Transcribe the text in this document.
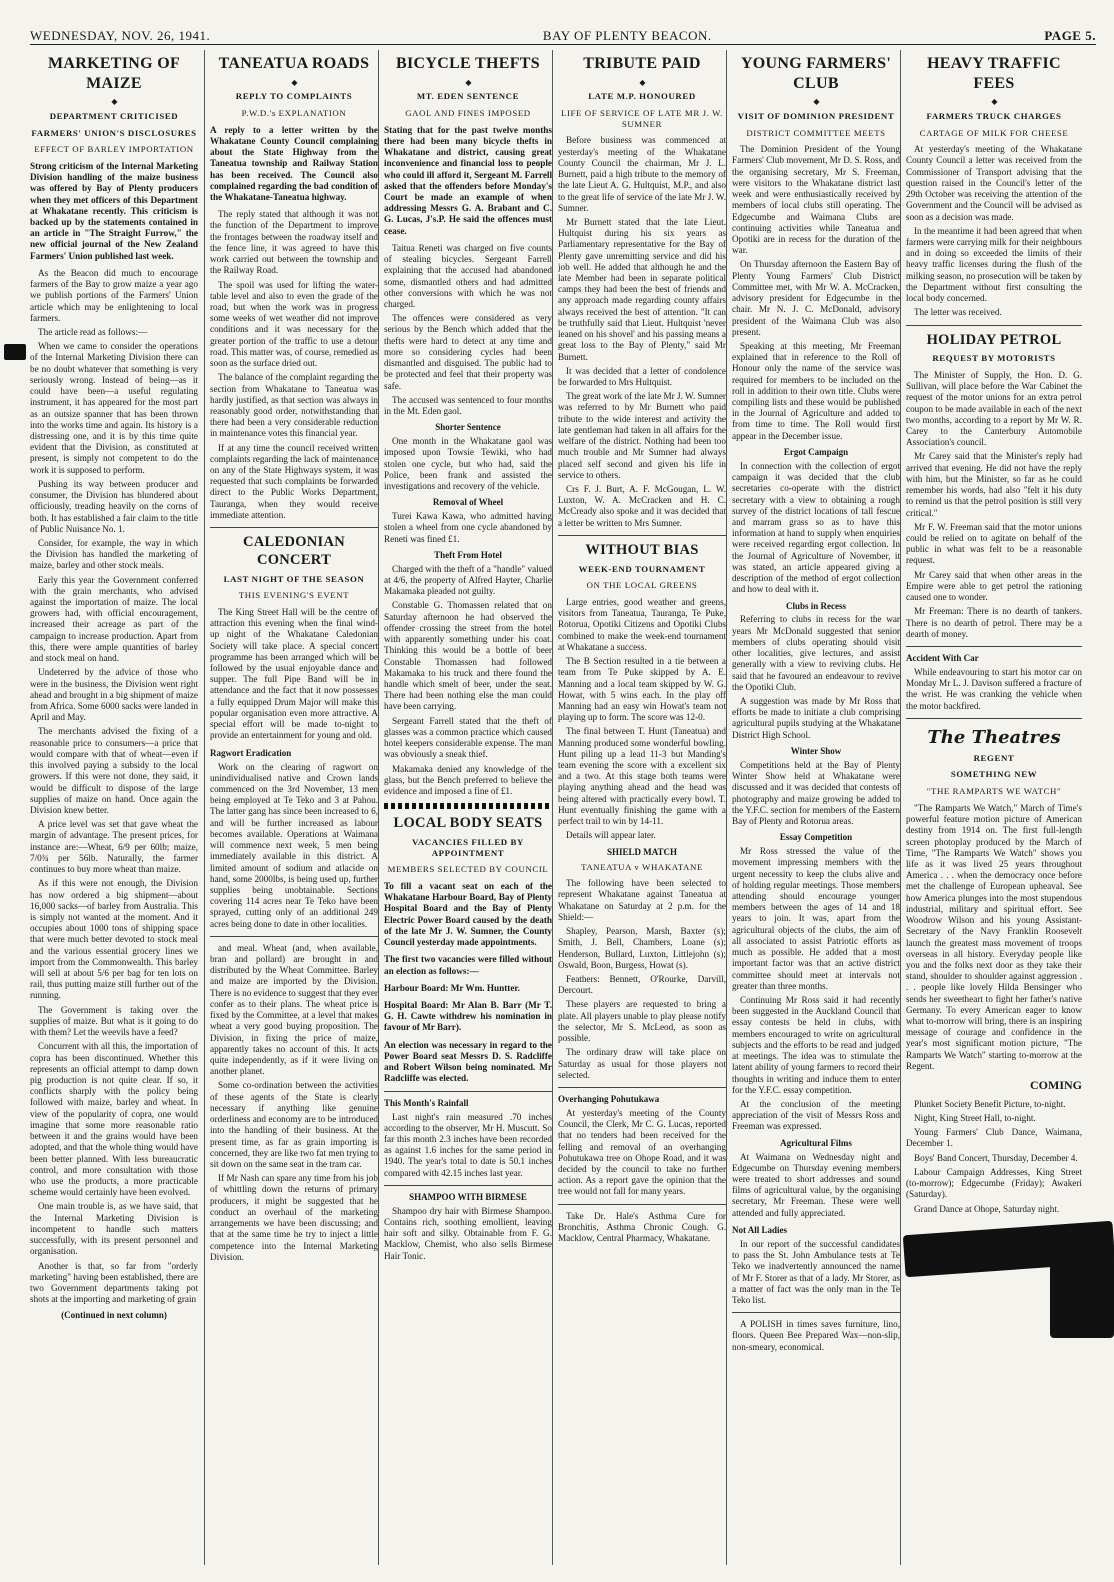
WEDNESDAY, NOV. 26, 1941.	BAY OF PLENTY BEACON.	PAGE 5.
MARKETING OF MAIZE
◆
DEPARTMENT CRITICISED
FARMERS' UNION'S DISCLOSURES
EFFECT OF BARLEY IMPORTATION
Strong criticism of the Internal Marketing Division handling of the maize business was offered by Bay of Plenty producers when they met officers of this Department at Whakatane recently. This criticism is backed up by the statements contained in an article in "The Straight Furrow," the new official journal of the New Zealand Farmers' Union published last week.

As the Beacon did much to encourage farmers of the Bay to grow maize a year ago we publish portions of the Farmers' Union article which may be enlightening to local farmers.

The article read as follows:—

When we came to consider the operations of the Internal Marketing Division there can be no doubt whatever that something is very seriously wrong. Instead of being—as it could have been—a useful regulating instrument, it has appeared for the most part as an outsize spanner that has been thrown into the works time and again. Its history is a distressing one, and it is by this time quite evident that the Division, as constituted at present, is simply not competent to do the work it is supposed to perform.

Pushing its way between producer and consumer, the Division has blundered about officiously, treading heavily on the corns of both. It has established a fair claim to the title of Public Nuisance No. 1.

Consider, for example, the way in which the Division has handled the marketing of maize, barley and other stock meals.

Early this year the Government conferred with the grain merchants, who advised against the importation of maize. The local growers had, with official encouragement, increased their acreage as part of the campaign to increase production. Apart from this, there were ample quantities of barley and stock meal on hand.

Undeterred by the advice of those who were in the business, the Division went right ahead and brought in a big shipment of maize from Africa. Some 6000 sacks were landed in April and May.

The merchants advised the fixing of a reasonable price to consumers—a price that would compare with that of wheat—even if this involved paying a subsidy to the local growers. If this were not done, they said, it would be difficult to dispose of the large supplies of maize on hand. Once again the Division knew better.

A price level was set that gave wheat the margin of advantage. The present prices, for instance are:—Wheat, 6/9 per 60lb; maize, 7/0¾ per 56lb. Naturally, the farmer continues to buy more wheat than maize.

As if this were not enough, the Division has now ordered a big shipment—about 16,000 sacks—of barley from Australia. This is simply not wanted at the moment. And it occupies about 1000 tons of shipping space that were much better devoted to stock meal and the various essential grocery lines we import from the Commonwealth. This barley will sell at about 5/6 per bag for ten lots on rail, thus putting maize still further out of the running.

The Government is taking over the supplies of maize. But what is it going to do with them? Let the weevils have a feed?

Concurrent with all this, the importation of copra has been discontinued. Whether this represents an official attempt to damp down pig production is not quite clear. If so, it conflicts sharply with the policy being followed with maize, barley and wheat. In view of the popularity of copra, one would imagine that some more reasonable ratio between it and the grains would have been adopted, and that the whole thing would have been better planned. With less bureaucratic control, and more consultation with those who use the products, a more practicable scheme would certainly have been evolved.

One main trouble is, as we have said, that the Internal Marketing Division is incompetent to handle such matters successfully, with its present personnel and organisation.

Another is that, so far from "orderly marketing" having been established, there are two Government departments taking pot shots at the importing and marketing of grain

(Continued in next column)
TANEATUA ROADS
◆
REPLY TO COMPLAINTS
P.W.D.'s EXPLANATION
A reply to a letter written by the Whakatane County Council complaining about the State Highway from the Taneatua township and Railway Station has been received. The Council also complained regarding the bad condition of the Whakatane-Taneatua highway.

The reply stated that although it was not the function of the Department to improve the frontages between the roadway itself and the fence line, it was agreed to have this work carried out between the township and the Railway Road.

The spoil was used for lifting the water-table level and also to even the grade of the road, but when the work was in progress some weeks of wet weather did not improve conditions and it was necessary for the greater portion of the traffic to use a detour road. This matter was, of course, remedied as soon as the surface dried out.

The balance of the complaint regarding the section from Whakatane to Taneatua was hardly justified, as that section was always in reasonably good order, notwithstanding that there had been a very considerable reduction in maintenance votes this financial year.

If at any time the council received written complaints regarding the lack of maintenance on any of the State Highways system, it was requested that such complaints be forwarded direct to the Public Works Department, Tauranga, when they would receive immediate attention.

CALEDONIAN CONCERT
LAST NIGHT OF THE SEASON
THIS EVENING'S EVENT

The King Street Hall will be the centre of attraction this evening when the final wind-up night of the Whakatane Caledonian Society will take place. A special concert programme has been arranged which will be followed by the usual enjoyable dance and supper. The full Pipe Band will be in attendance and the fact that it now possesses a fully equipped Drum Major will make this popular organisation even more attractive. A special effort will be made to-night to provide an entertainment for young and old.

Ragwort Eradication

Work on the clearing of ragwort on unindividualised native and Crown lands commenced on the 3rd November, 13 men being employed at Te Teko and 3 at Pahou. The latter gang has since been increased to 6, and will be further increased as labour becomes available. Operations at Waimana will commence next week, 5 men being immediately available in this district. A limited amount of sodium and atlacide on hand, some 2000lbs, is being used up, further supplies being unobtainable. Sections covering 114 acres near Te Teko have been sprayed, cutting only of an additional 249 acres being done to date in other localities.

and meal. Wheat (and, when available, bran and pollard) are brought in and distributed by the Wheat Committee. Barley and maize are imported by the Division. There is no evidence to suggest that they ever confer as to their plans. The wheat price is fixed by the Committee, at a level that makes wheat a very good buying proposition. The Division, in fixing the price of maize, apparently takes no account of this. It acts quite independently, as if it were living on another planet.

Some co-ordination between the activities of these agents of the State is clearly necessary if anything like genuine orderliness and economy are to be introduced into the handling of their business. At the present time, as far as grain importing is concerned, they are like two fat men trying to sit down on the same seat in the tram car.

If Mr Nash can spare any time from his job of whittling down the returns of primary producers, it might be suggested that he conduct an overhaul of the marketing arrangements we have been discussing; and that at the same time he try to inject a little competence into the Internal Marketing Division.

BICYCLE THEFTS
◆
MT. EDEN SENTENCE
GAOL AND FINES IMPOSED
Stating that for the past twelve months there had been many bicycle thefts in Whakatane and district, causing great inconvenience and financial loss to people who could ill afford it, Sergeant M. Farrell asked that the offenders before Monday's Court be made an example of when addressing Messrs G. A. Brabant and C. G. Lucas, J's.P. He said the offences must cease.

Taitua Reneti was charged on five counts of stealing bicycles. Sergeant Farrell explaining that the accused had abandoned some, dismantled others and had admitted other conversions with which he was not charged.

The offences were considered as very serious by the Bench which added that the thefts were hard to detect at any time and more so considering cycles had been dismantled and disguised. The public had to be protected and feel that their property was safe.

The accused was sentenced to four months in the Mt. Eden gaol.

Shorter Sentence

One month in the Whakatane gaol was imposed upon Towsie Tewiki, who had stolen one cycle, but who had, said the Police, been frank and assisted the investigations and recovery of the vehicle.

Removal of Wheel

Turei Kawa Kawa, who admitted having stolen a wheel from one cycle abandoned by Reneti was fined £1.

Theft From Hotel

Charged with the theft of a "handle" valued at 4/6, the property of Alfred Hayter, Charlie Makamaka pleaded not guilty.

Constable G. Thomassen related that on Saturday afternoon he had observed the offender crossing the street from the hotel with apparently something under his coat. Thinking this would be a bottle of beer Constable Thomassen had followed Makamaka to his truck and there found the handle which smelt of beer, under the seat. There had been nothing else the man could have been carrying.

Sergeant Farrell stated that the theft of glasses was a common practice which caused hotel keepers considerable expense. The man was obviously a sneak thief.

Makamaka denied any knowledge of the glass, but the Bench preferred to believe the evidence and imposed a fine of £1.

LOCAL BODY SEATS
VACANCIES FILLED BY APPOINTMENT
MEMBERS SELECTED BY COUNCIL
To fill a vacant seat on each of the Whakatane Harbour Board, Bay of Plenty Hospital Board and the Bay of Plenty Electric Power Board caused by the death of the late Mr J. W. Sumner, the County Council yesterday made appointments.
The first two vacancies were filled without an election as follows:—
Harbour Board: Mr Wm. Huntter.
Hospital Board: Mr Alan B. Barr (Mr T. G. H. Cawte withdrew his nomination in favour of Mr Barr).
An election was necessary in regard to the Power Board seat Messrs D. S. Radcliffe and Robert Wilson being nominated. Mr Radcliffe was elected.
This Month's Rainfall

Last night's rain measured .70 inches according to the observer, Mr H. Muscutt. So far this month 2.3 inches have been recorded as against 1.6 inches for the same period in 1940. The year's total to date is 50.1 inches compared with 42.15 inches last year.

SHAMPOO WITH BIRMESE

Shampoo dry hair with Birmese Shampoo. Contains rich, soothing emollient, leaving hair soft and silky. Obtainable from F. G. Macklow, Chemist, who also sells Birmese Hair Tonic.

TRIBUTE PAID
◆
LATE M.P. HONOURED
LIFE OF SERVICE OF LATE MR J. W. SUMNER

Before business was commenced at yesterday's meeting of the Whakatane County Council the chairman, Mr J. L. Burnett, paid a high tribute to the memory of the late Lieut A. G. Hultquist, M.P., and also to the great life of service of the late Mr J. W. Sumner.

Mr Burnett stated that the late Lieut. Hultquist during his six years as Parliamentary representative for the Bay of Plenty gave unremitting service and did his job well. He added that although he and the late Member had been in separate political camps they had been the best of friends and any approach made regarding county affairs always received the best of attention. "It can be truthfully said that Lieut. Hultquist 'never leaned on his shovel' and his passing means a great loss to the Bay of Plenty," said Mr Burnett.

It was decided that a letter of condolence be forwarded to Mrs Hultquist.

The great work of the late Mr J. W. Sumner was referred to by Mr Burnett who paid tribute to the wide interest and activity the late gentleman had taken in all affairs for the welfare of the district. Nothing had been too much trouble and Mr Sumner had always placed self second and given his life in service to others.

Crs F. J. Burt, A. F. McGougan, L. W. Luxton, W. A. McCracken and H. C. McCready also spoke and it was decided that a letter be written to Mrs Sumner.

WITHOUT BIAS
WEEK-END TOURNAMENT
ON THE LOCAL GREENS

Large entries, good weather and greens, visitors from Taneatua, Tauranga, Te Puke, Rotorua, Opotiki Citizens and Opotiki Clubs combined to make the week-end tournament at Whakatane a success.

The B Section resulted in a tie between a team from Te Puke skipped by A. E. Manning and a local team skipped by W. G. Howat, with 5 wins each. In the play off Manning had an easy win Howat's team not playing up to form. The score was 12-0.

The final between T. Hunt (Taneatua) and Manning produced some wonderful bowling. Hunt piling up a lead 11-3 but Manding's team evening the score with a excellent six and a two. At this stage both teams were playing anything ahead and the head was being altered with practically every bowl. T. Hunt eventually finishing the game with a perfect trail to win by 14-11.

Details will appear later.

SHIELD MATCH
TANEATUA v WHAKATANE

The following have been selected to represent Whakatane against Taneatua at Whakatane on Saturday at 2 p.m. for the Shield:—

Shapley, Pearson, Marsh, Baxter (s); Smith, J. Bell, Chambers, Loane (s); Henderson, Bullard, Luxton, Littlejohn (s); Oswald, Boon, Burgess, Howat (s).

Feathers: Bennett, O'Rourke, Darvill, Dercourt.

These players are requested to bring a plate. All players unable to play please notify the selector, Mr S. McLeod, as soon as possible.

The ordinary draw will take place on Saturday as usual for those players not selected.

Overhanging Pohutukawa

At yesterday's meeting of the County Council, the Clerk, Mr C. G. Lucas, reported that no tenders had been received for the felling and removal of an overhanging Pohutukawa tree on Ohope Road, and it was decided by the council to take no further action. As a report gave the opinion that the tree would not fall for many years.

Take Dr. Hale's Asthma Cure for Bronchitis, Asthma Chronic Cough. G. Macklow, Central Pharmacy, Whakatane.

YOUNG FARMERS' CLUB
◆
VISIT OF DOMINION PRESIDENT
DISTRICT COMMITTEE MEETS

The Dominion President of the Young Farmers' Club movement, Mr D. S. Ross, and the organising secretary, Mr S. Freeman, were visitors to the Whakatane district last week and were enthusiastically received by members of local clubs still operating. The Edgecumbe and Waimana Clubs are continuing activities while Taneatua and Opotiki are in recess for the duration of the war.

On Thursday afternoon the Eastern Bay of Plenty Young Farmers' Club District Committee met, with Mr W. A. McCracken, advisory president for Edgecumbe in the chair. Mr N. J. C. McDonald, advisory president of the Waimana Club was also present.

Speaking at this meeting, Mr Freeman explained that in reference to the Roll of Honour only the name of the service was required for members to be included on the roll in addition to their own title. Clubs were compiling lists and these would be published in the Journal of Agriculture and added to from time to time. The Roll would first appear in the December issue.

Ergot Campaign

In connection with the collection of ergot campaign it was decided that the club secretaries co-operate with the district secretary with a view to obtaining a rough survey of the district locations of tall fescue and marram grass so as to have this information at hand to supply when enquiries were received regarding ergot collection. In the Journal of Agriculture of November, it was stated, an article appeared giving a description of the method of ergot collection and how to deal with it.

Clubs in Recess

Referring to clubs in recess for the war years Mr McDonald suggested that senior members of clubs operating should visit other localities, give lectures, and assist generally with a view to reviving clubs. He said that he favoured an endeavour to revive the Opotiki Club.

A suggestion was made by Mr Ross that efforts be made to initiate a club comprising agricultural pupils studying at the Whakatane District High School.

Winter Show

Competitions held at the Bay of Plenty Winter Show held at Whakatane were discussed and it was decided that contests of photography and maize growing be added to the Y.F.C. section for members of the Eastern Bay of Plenty and Rotorua areas.

Essay Competition

Mr Ross stressed the value of the movement impressing members with the urgent necessity to keep the clubs alive and of holding regular meetings. Those members attending should encourage younger members between the ages of 14 and 18 years to join. It was, apart from the agricultural objects of the clubs, the aim of all associated to assist Patriotic efforts as much as possible. He added that a most important factor was that an active district committee should meet at intervals not greater than three months.

Continuing Mr Ross said it had recently been suggested in the Auckland Council that essay contests be held in clubs, with members encouraged to write on agricultural subjects and the efforts to be read and judged at meetings. The idea was to stimulate the latent ability of young farmers to record their thoughts in writing and induce them to enter for the Y.F.C. essay competition.

At the conclusion of the meeting appreciation of the visit of Messrs Ross and Freeman was expressed.

Agricultural Films

At Waimana on Wednesday night and Edgecumbe on Thursday evening members were treated to short addresses and sound films of agricultural value, by the organising secretary, Mr Freeman. These were well attended and fully appreciated.

Not All Ladies

In our report of the successful candidates to pass the St. John Ambulance tests at Te Teko we inadvertently announced the name of Mr F. Storer as that of a lady. Mr Storer, as a matter of fact was the only man in the Te Teko list.

A POLISH in times saves furniture, lino, floors. Queen Bee Prepared Wax—non-slip, non-smeary, economical.

HEAVY TRAFFIC FEES
◆
FARMERS TRUCK CHARGES
CARTAGE OF MILK FOR CHEESE

At yesterday's meeting of the Whakatane County Council a letter was received from the Commissioner of Transport advising that the question raised in the Council's letter of the 29th October was receiving the attention of the Government and the Council will be advised as soon as a decision was made.

In the meantime it had been agreed that when farmers were carrying milk for their neighbours and in doing so exceeded the limits of their heavy traffic licenses during the flush of the milking season, no prosecution will be taken by the Department without first consulting the local body concerned.

The letter was received.

HOLIDAY PETROL
REQUEST BY MOTORISTS

The Minister of Supply, the Hon. D. G. Sullivan, will place before the War Cabinet the request of the motor unions for an extra petrol coupon to be made available in each of the next two months, according to a report by Mr W. R. Carey to the Canterbury Automobile Association's council.

Mr Carey said that the Minister's reply had arrived that evening. He did not have the reply with him, but the Minister, so far as he could remember his words, had also "felt it his duty to remind us that the petrol position is still very critical."

Mr F. W. Freeman said that the motor unions could be relied on to agitate on behalf of the public in what was felt to be a reasonable request.

Mr Carey said that when other areas in the Empire were able to get petrol the rationing caused one to wonder.

Mr Freeman: There is no dearth of tankers. There is no dearth of petrol. There may be a dearth of money.

Accident With Car

While endeavouring to start his motor car on Monday Mr L. J. Davison suffered a fracture of the wrist. He was cranking the vehicle when the motor backfired.

The Theatres
REGENT
SOMETHING NEW
"THE RAMPARTS WE WATCH"

"The Ramparts We Watch," March of Time's powerful feature motion picture of American destiny from 1914 on. The first full-length screen photoplay produced by the March of Time, "The Ramparts We Watch" shows you life as it was lived 25 years throughout America . . . when the democracy once before met the challenge of European upheaval. See how America plunges into the most stupendous industrial, military and spiritual effort. See Woodrow Wilson and his young Assistant-Secretary of the Navy Franklin Roosevelt launch the greatest mass movement of troops overseas in all history. Everyday people like you and the folks next door as they take their stand, shoulder to shoulder against aggression . . . people like lovely Hilda Bensinger who sends her sweetheart to fight her father's native Germany. To every American eager to know what to-morrow will bring, there is an inspiring message of courage and confidence in the year's most significant motion picture, "The Ramparts We Watch" starting to-morrow at the Regent.

COMING

Plunket Society Benefit Picture, to-night.

Night, King Street Hall, to-night.

Young Farmers' Club Dance, Waimana, December 1.

Boys' Band Concert, Thursday, December 4.

Labour Campaign Addresses, King Street (to-morrow); Edgecumbe (Friday); Awakeri (Saturday).

Grand Dance at Ohope, Saturday night.
